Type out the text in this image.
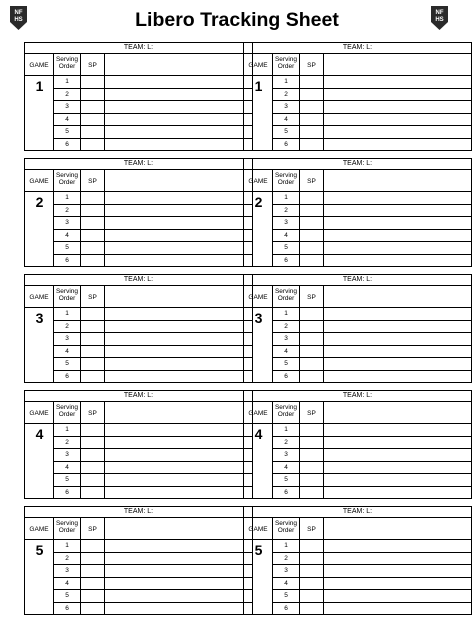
NF
HS
NF
HS
Libero Tracking Sheet
TEAM: L:
GAME
Serving Order	SP
1	1
2
3
4
5
6
TEAM: L:
GAME
Serving Order	SP
1	1
2
3
4
5
6
TEAM: L:
GAME
Serving Order	SP
2	1
2
3
4
5
6
TEAM: L:
GAME
Serving Order	SP
2	1
2
3
4
5
6
TEAM: L:
GAME
Serving Order	SP
3	1
2
3
4
5
6
TEAM: L:
GAME
Serving Order	SP
3	1
2
3
4
5
6
TEAM: L:
GAME
Serving Order	SP
4	1
2
3
4
5
6
TEAM: L:
GAME
Serving Order	SP
4	1
2
3
4
5
6
TEAM: L:
GAME
Serving Order	SP
5	1
2
3
4
5
6
TEAM: L:
GAME
Serving Order	SP
5	1
2
3
4
5
6
